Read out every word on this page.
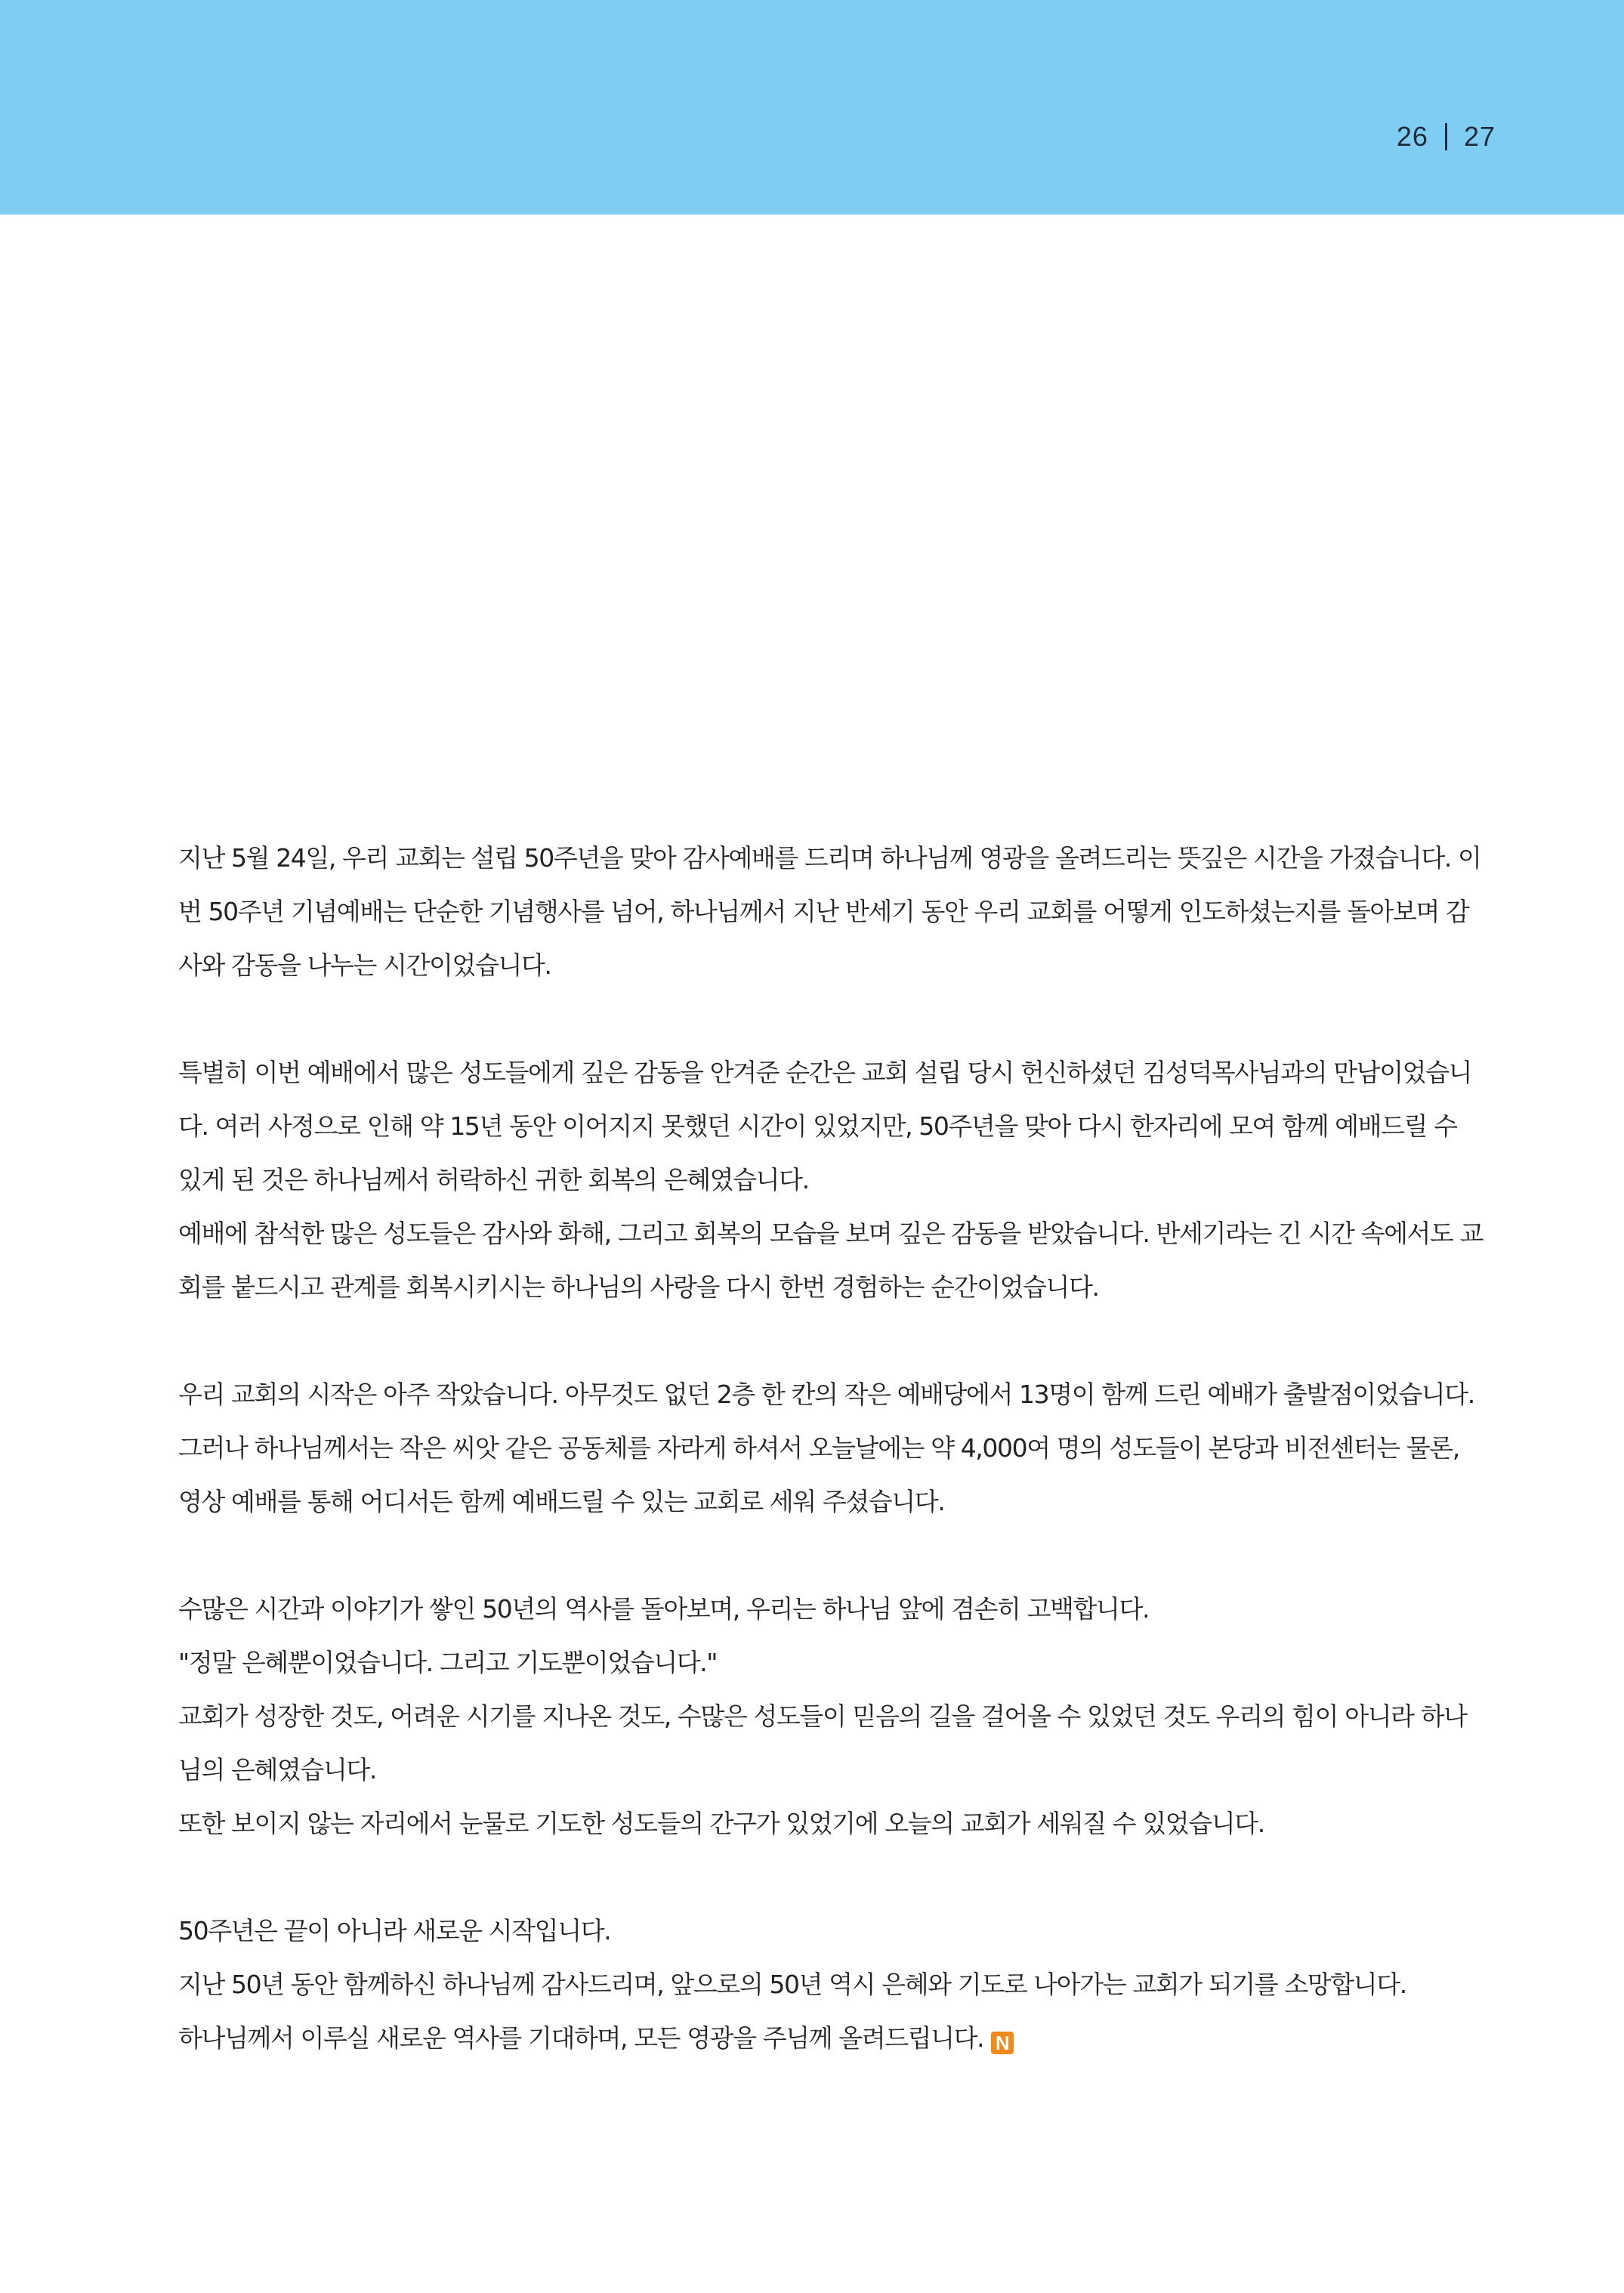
26 27
지난 5월 24일, 우리 교회는 설립 50주년을 맞아 감사예배를 드리며 하나님께 영광을 올려드리는 뜻깊은 시간을 가졌습니다. 이번 50주년 기념예배는 단순한 기념행사를 넘어, 하나님께서 지난 반세기 동안 우리 교회를 어떻게 인도하셨는지를 돌아보며 감사와 감동을 나누는 시간이었습니다.
특별히 이번 예배에서 많은 성도들에게 깊은 감동을 안겨준 순간은 교회 설립 당시 헌신하셨던 김성덕목사님과의 만남이었습니다. 여러 사정으로 인해 약 15년 동안 이어지지 못했던 시간이 있었지만, 50주년을 맞아 다시 한자리에 모여 함께 예배드릴 수 있게 된 것은 하나님께서 허락하신 귀한 회복의 은혜였습니다.
예배에 참석한 많은 성도들은 감사와 화해, 그리고 회복의 모습을 보며 깊은 감동을 받았습니다. 반세기라는 긴 시간 속에서도 교회를 붙드시고 관계를 회복시키시는 하나님의 사랑을 다시 한번 경험하는 순간이었습니다.
우리 교회의 시작은 아주 작았습니다. 아무것도 없던 2층 한 칸의 작은 예배당에서 13명이 함께 드린 예배가 출발점이었습니다. 그러나 하나님께서는 작은 씨앗 같은 공동체를 자라게 하셔서 오늘날에는 약 4,000여 명의 성도들이 본당과 비전센터는 물론, 영상 예배를 통해 어디서든 함께 예배드릴 수 있는 교회로 세워 주셨습니다.
수많은 시간과 이야기가 쌓인 50년의 역사를 돌아보며, 우리는 하나님 앞에 겸손히 고백합니다.
"정말 은혜뿐이었습니다. 그리고 기도뿐이었습니다."
교회가 성장한 것도, 어려운 시기를 지나온 것도, 수많은 성도들이 믿음의 길을 걸어올 수 있었던 것도 우리의 힘이 아니라 하나님의 은혜였습니다.
또한 보이지 않는 자리에서 눈물로 기도한 성도들의 간구가 있었기에 오늘의 교회가 세워질 수 있었습니다.
50주년은 끝이 아니라 새로운 시작입니다.
지난 50년 동안 함께하신 하나님께 감사드리며, 앞으로의 50년 역시 은혜와 기도로 나아가는 교회가 되기를 소망합니다.
하나님께서 이루실 새로운 역사를 기대하며, 모든 영광을 주님께 올려드립니다. N
